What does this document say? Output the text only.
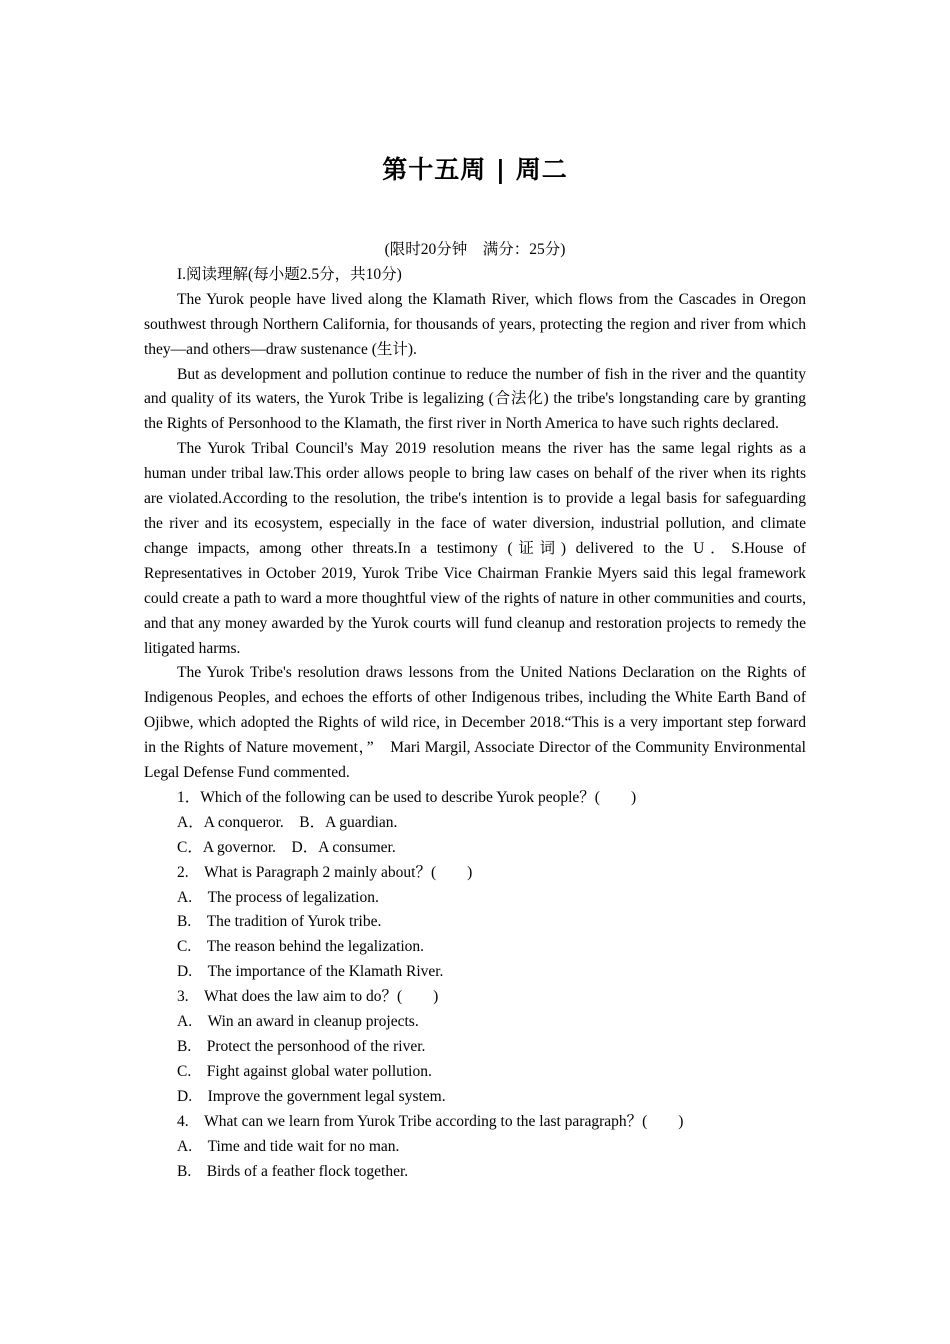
第十五周 | 周二
(限时20分钟　满分：25分)
I.阅读理解(每小题2.5分，共10分)

The Yurok people have lived along the Klamath River, which flows from the Cascades in Oregon southwest through Northern California, for thousands of years, protecting the region and river from which they—and others—draw sustenance (生计).

But as development and pollution continue to reduce the number of fish in the river and the quantity and quality of its waters, the Yurok Tribe is legalizing (合法化) the tribe's longstanding care by granting the Rights of Personhood to the Klamath, the first river in North America to have such rights declared.

The Yurok Tribal Council's May 2019 resolution means the river has the same legal rights as a human under tribal law.This order allows people to bring law cases on behalf of the river when its rights are violated.According to the resolution, the tribe's intention is to provide a legal basis for safeguarding the river and its ecosystem, especially in the face of water diversion, industrial pollution, and climate change impacts, among other threats.In a testimony (证词) delivered to the U．S.House of Representatives in October 2019, Yurok Tribe Vice Chairman Frankie Myers said this legal framework could create a path to ward a more thoughtful view of the rights of nature in other communities and courts, and that any money awarded by the Yurok courts will fund cleanup and restoration projects to remedy the litigated harms.

The Yurok Tribe's resolution draws lessons from the United Nations Declaration on the Rights of Indigenous Peoples, and echoes the efforts of other Indigenous tribes, including the White Earth Band of Ojibwe, which adopted the Rights of wild rice, in December 2018.“This is a very important step forward in the Rights of Nature movement，”　Mari Margil, Associate Director of the Community Environmental Legal Defense Fund commented.

1．Which of the following can be used to describe Yurok people？(　　)
A．A conqueror.　B．A guardian.
C．A governor.　D．A consumer.
2.　What is Paragraph 2 mainly about？(　　)
A.　The process of legalization.
B.　The tradition of Yurok tribe.
C.　The reason behind the legalization.
D.　The importance of the Klamath River.
3.　What does the law aim to do？(　　)
A.　Win an award in cleanup projects.
B.　Protect the personhood of the river.
C.　Fight against global water pollution.
D.　Improve the government legal system.
4.　What can we learn from Yurok Tribe according to the last paragraph？(　　)
A.　Time and tide wait for no man.
B.　Birds of a feather flock together.
